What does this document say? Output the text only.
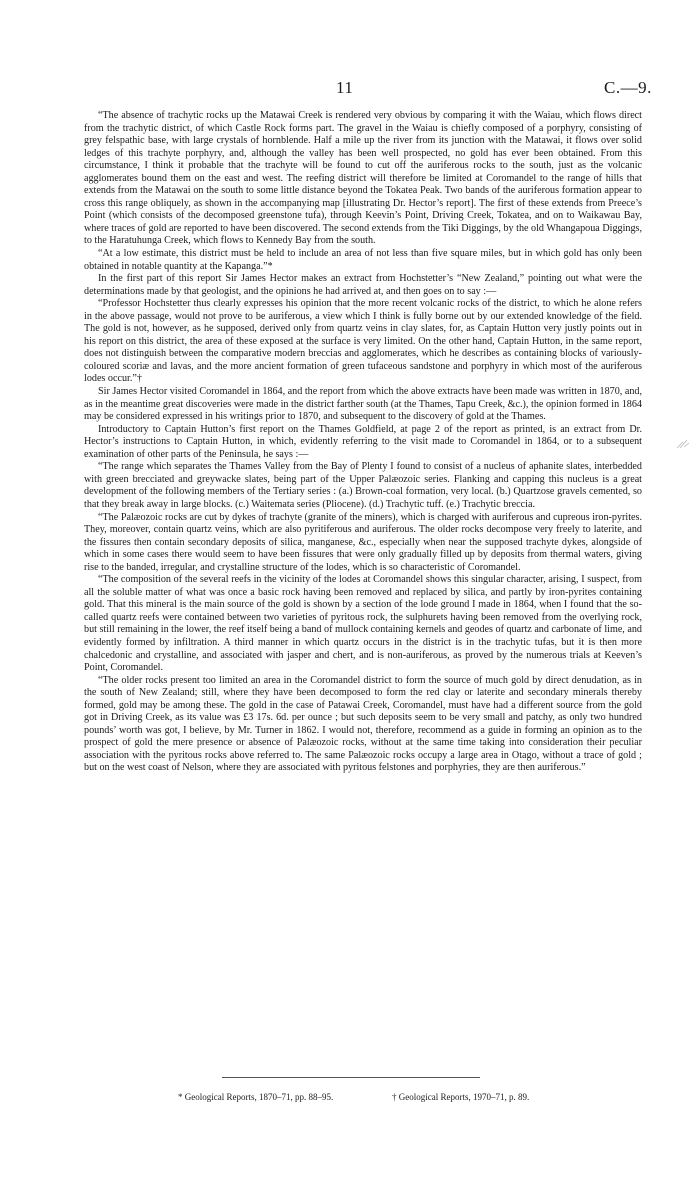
11	C.—9.

“The absence of trachytic rocks up the Matawai Creek is rendered very obvious by comparing it with the Waiau, which flows direct from the trachytic district, of which Castle Rock forms part. The gravel in the Waiau is chiefly composed of a porphyry, consisting of grey felspathic base, with large crystals of hornblende. Half a mile up the river from its junction with the Matawai, it flows over solid ledges of this trachyte porphyry, and, although the valley has been well prospected, no gold has ever been obtained. From this circumstance, I think it probable that the trachyte will be found to cut off the auriferous rocks to the south, just as the volcanic agglomerates bound them on the east and west. The reefing district will therefore be limited at Coromandel to the range of hills that extends from the Matawai on the south to some little distance beyond the Tokatea Peak. Two bands of the auriferous formation appear to cross this range obliquely, as shown in the accompanying map [illustrating Dr. Hector’s report]. The first of these extends from Preece’s Point (which consists of the decomposed greenstone tufa), through Keevin’s Point, Driving Creek, Tokatea, and on to Waikawau Bay, where traces of gold are reported to have been discovered. The second extends from the Tiki Diggings, by the old Whangapoua Diggings, to the Haratuhunga Creek, which flows to Kennedy Bay from the south.

“At a low estimate, this district must be held to include an area of not less than five square miles, but in which gold has only been obtained in notable quantity at the Kapanga.”*

In the first part of this report Sir James Hector makes an extract from Hochstetter’s “New Zealand,” pointing out what were the determinations made by that geologist, and the opinions he had arrived at, and then goes on to say :—

“Professor Hochstetter thus clearly expresses his opinion that the more recent volcanic rocks of the district, to which he alone refers in the above passage, would not prove to be auriferous, a view which I think is fully borne out by our extended knowledge of the field. The gold is not, however, as he supposed, derived only from quartz veins in clay slates, for, as Captain Hutton very justly points out in his report on this district, the area of these exposed at the surface is very limited. On the other hand, Captain Hutton, in the same report, does not distinguish between the comparative modern breccias and agglomerates, which he describes as containing blocks of variously-coloured scoriæ and lavas, and the more ancient formation of green tufaceous sandstone and porphyry in which most of the auriferous lodes occur.”†

Sir James Hector visited Coromandel in 1864, and the report from which the above extracts have been made was written in 1870, and, as in the meantime great discoveries were made in the district farther south (at the Thames, Tapu Creek, &c.), the opinion formed in 1864 may be considered expressed in his writings prior to 1870, and subsequent to the discovery of gold at the Thames.

Introductory to Captain Hutton’s first report on the Thames Goldfield, at page 2 of the report as printed, is an extract from Dr. Hector’s instructions to Captain Hutton, in which, evidently referring to the visit made to Coromandel in 1864, or to a subsequent examination of other parts of the Peninsula, he says :—

“The range which separates the Thames Valley from the Bay of Plenty I found to consist of a nucleus of aphanite slates, interbedded with green brecciated and greywacke slates, being part of the Upper Palæozoic series. Flanking and capping this nucleus is a great development of the following members of the Tertiary series : (a.) Brown-coal formation, very local. (b.) Quartzose gravels cemented, so that they break away in large blocks. (c.) Waitemata series (Pliocene). (d.) Trachytic tuff. (e.) Trachytic breccia.

“The Palæozoic rocks are cut by dykes of trachyte (granite of the miners), which is charged with auriferous and cupreous iron-pyrites. They, moreover, contain quartz veins, which are also pyritiferous and auriferous. The older rocks decompose very freely to laterite, and the fissures then contain secondary deposits of silica, manganese, &c., especially when near the supposed trachyte dykes, alongside of which in some cases there would seem to have been fissures that were only gradually filled up by deposits from thermal waters, giving rise to the banded, irregular, and crystalline structure of the lodes, which is so characteristic of Coromandel.

“The composition of the several reefs in the vicinity of the lodes at Coromandel shows this singular character, arising, I suspect, from all the soluble matter of what was once a basic rock having been removed and replaced by silica, and partly by iron-pyrites containing gold. That this mineral is the main source of the gold is shown by a section of the lode ground I made in 1864, when I found that the so-called quartz reefs were contained between two varieties of pyritous rock, the sulphurets having been removed from the overlying rock, but still remaining in the lower, the reef itself being a band of mullock containing kernels and geodes of quartz and carbonate of lime, and evidently formed by infiltration. A third manner in which quartz occurs in the district is in the trachytic tufas, but it is then more chalcedonic and crystalline, and associated with jasper and chert, and is non-auriferous, as proved by the numerous trials at Keeven’s Point, Coromandel.

“The older rocks present too limited an area in the Coromandel district to form the source of much gold by direct denudation, as in the south of New Zealand; still, where they have been decomposed to form the red clay or laterite and secondary minerals thereby formed, gold may be among these. The gold in the case of Patawai Creek, Coromandel, must have had a different source from the gold got in Driving Creek, as its value was £3 17s. 6d. per ounce ; but such deposits seem to be very small and patchy, as only two hundred pounds’ worth was got, I believe, by Mr. Turner in 1862. I would not, therefore, recommend as a guide in forming an opinion as to the prospect of gold the mere presence or absence of Palæozoic rocks, without at the same time taking into consideration their peculiar association with the pyritous rocks above referred to. The same Palæozoic rocks occupy a large area in Otago, without a trace of gold ; but on the west coast of Nelson, where they are associated with pyritous felstones and porphyries, they are then auriferous.”

* Geological Reports, 1870–71, pp. 88–95.	† Geological Reports, 1970–71, p. 89.
